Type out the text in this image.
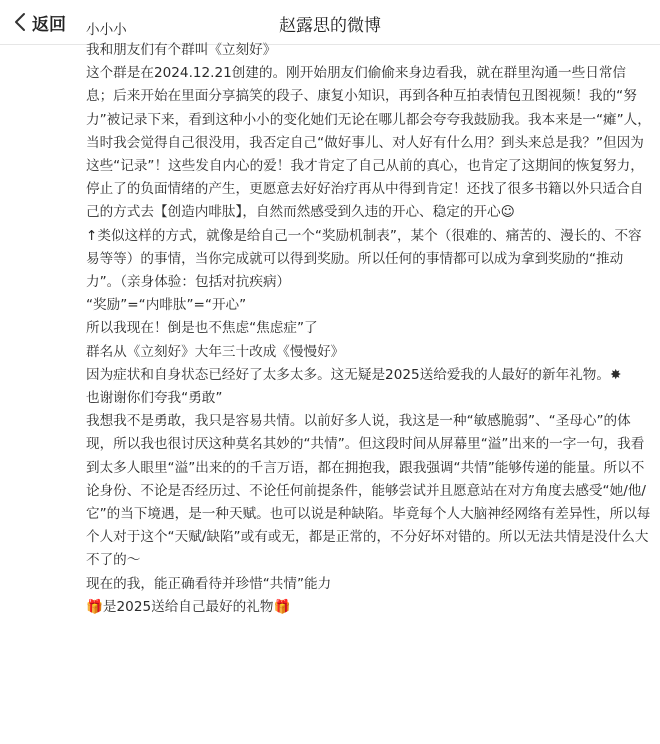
返回	赵露思的微博

小小小

我和朋友们有个群叫《立刻好》

这个群是在2024.12.21创建的。刚开始朋友们偷偷来身边看我，就在群里沟通一些日常信息；后来开始在里面分享搞笑的段子、康复小知识，再到各种互拍表情包丑图视频！我的“努力”被记录下来，看到这种小小的变化她们无论在哪儿都会夸夸我鼓励我。我本来是一“瘫”人，当时我会觉得自己很没用，我否定自己“做好事儿、对人好有什么用？到头来总是我？”但因为这些“记录”！这些发自内心的爱！我才肯定了自己从前的真心，也肯定了这期间的恢复努力，停止了的负面情绪的产生，更愿意去好好治疗再从中得到肯定！还找了很多书籍以外只适合自己的方式去【创造内啡肽】，自然而然感受到久违的开心、稳定的开心☺

↑类似这样的方式，就像是给自己一个“奖励机制表”，某个（很难的、痛苦的、漫长的、不容易等等）的事情，当你完成就可以得到奖励。所以任何的事情都可以成为拿到奖励的“推动力”。（亲身体验：包括对抗疾病）

“奖励”=“内啡肽”=“开心”

所以我现在！倒是也不焦虑“焦虑症”了

群名从《立刻好》大年三十改成《慢慢好》

因为症状和自身状态已经好了太多太多。这无疑是2025送给爱我的人最好的新年礼物。✸

也谢谢你们夸我“勇敢”

我想我不是勇敢，我只是容易共情。以前好多人说，我这是一种“敏感脆弱”、“圣母心”的体现，所以我也很讨厌这种莫名其妙的“共情”。但这段时间从屏幕里“溢”出来的一字一句，我看到太多人眼里“溢”出来的的千言万语，都在拥抱我，跟我强调“共情”能够传递的能量。所以不论身份、不论是否经历过、不论任何前提条件，能够尝试并且愿意站在对方角度去感受“她/他/它”的当下境遇，是一种天赋。也可以说是种缺陷。毕竟每个人大脑神经网络有差异性，所以每个人对于这个“天赋/缺陷”或有或无，都是正常的，不分好坏对错的。所以无法共情是没什么大不了的～

现在的我，能正确看待并珍惜“共情”能力

🎁是2025送给自己最好的礼物🎁
